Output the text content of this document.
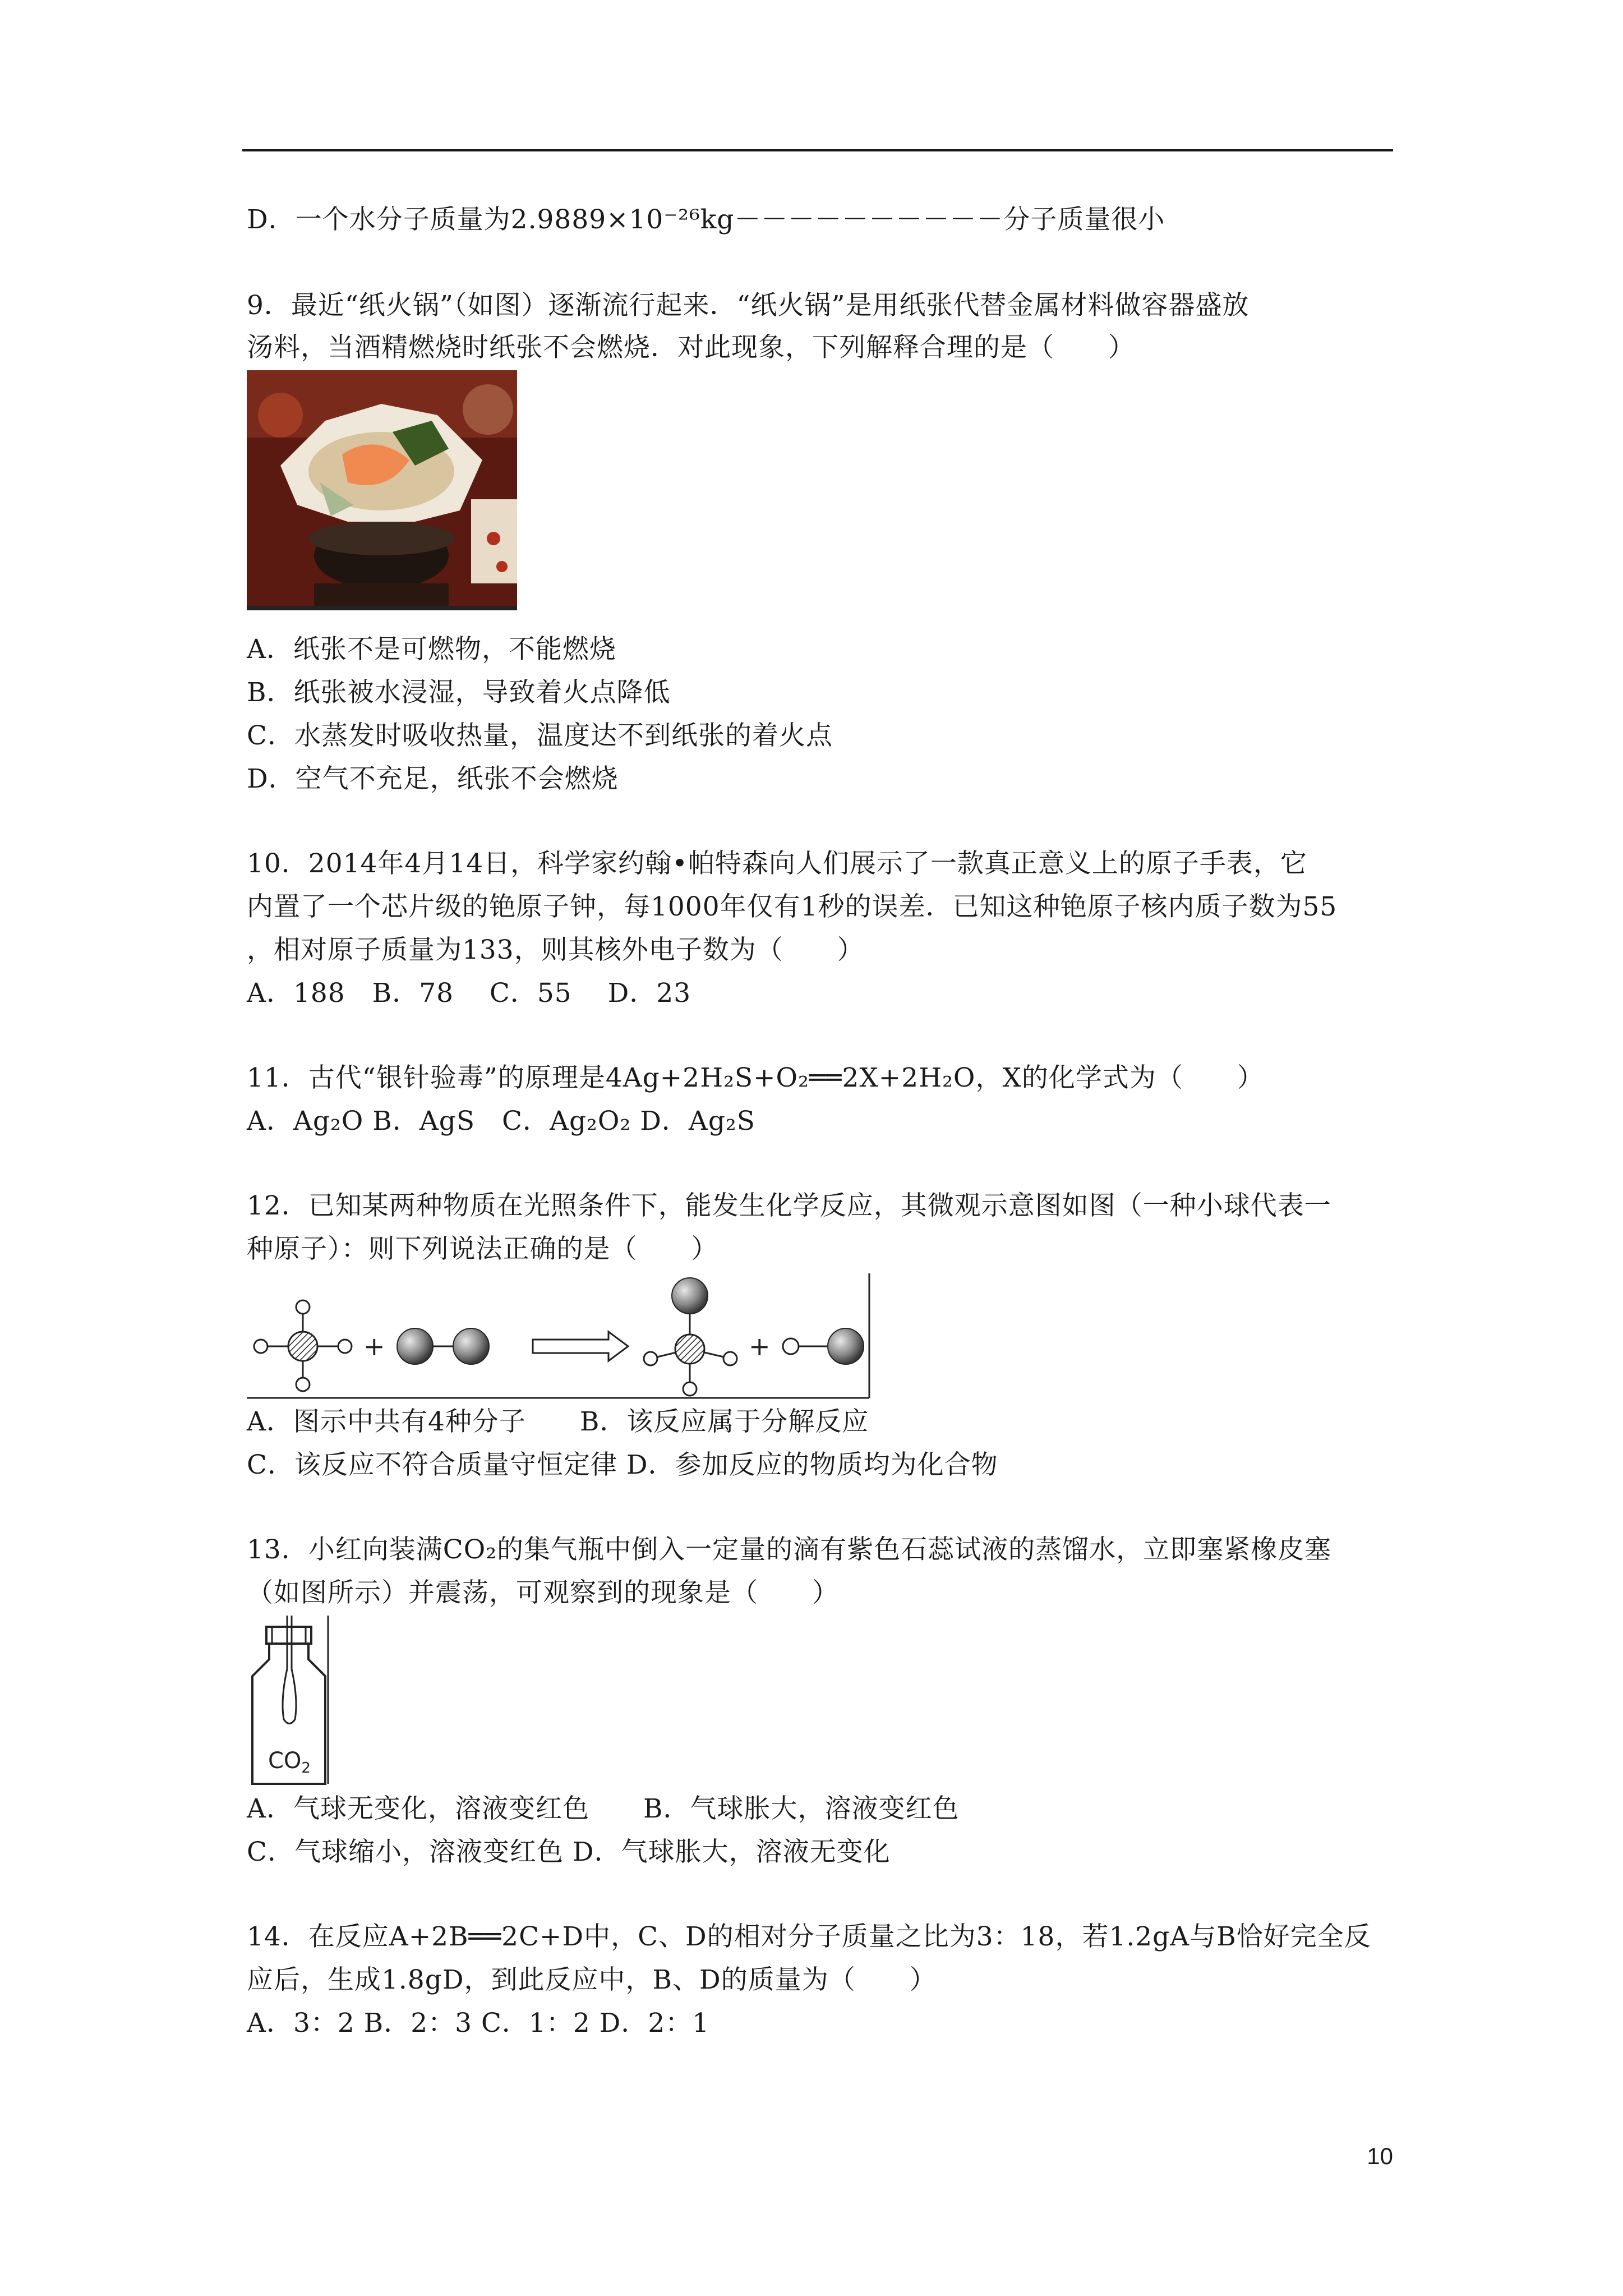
D．一个水分子质量为2.9889×10⁻²⁶kg－－－－－－－－－－分子质量很小
9．最近“纸火锅”（如图）逐渐流行起来．“纸火锅”是用纸张代替金属材料做容器盛放
汤料，当酒精燃烧时纸张不会燃烧．对此现象，下列解释合理的是（　　）
A．纸张不是可燃物，不能燃烧
B．纸张被水浸湿，导致着火点降低
C．水蒸发时吸收热量，温度达不到纸张的着火点
D．空气不充足，纸张不会燃烧
10．2014年4月14日，科学家约翰•帕特森向人们展示了一款真正意义上的原子手表，它
内置了一个芯片级的铯原子钟，每1000年仅有1秒的误差．已知这种铯原子核内质子数为55
，相对原子质量为133，则其核外电子数为（　　）
A．188　B．78　 C．55　 D．23
11．古代“银针验毒”的原理是4Ag+2H₂S+O₂══2X+2H₂O，X的化学式为（　　）
A．Ag₂O B．AgS　C．Ag₂O₂ D．Ag₂S
12．已知某两种物质在光照条件下，能发生化学反应，其微观示意图如图（一种小球代表一
种原子）：则下列说法正确的是（　　）
+	+
A．图示中共有4种分子　　B．该反应属于分解反应
C．该反应不符合质量守恒定律 D．参加反应的物质均为化合物
13．小红向装满CO₂的集气瓶中倒入一定量的滴有紫色石蕊试液的蒸馏水，立即塞紧橡皮塞
（如图所示）并震荡，可观察到的现象是（　　）
$CO_2$
A．气球无变化，溶液变红色　　B．气球胀大，溶液变红色
C．气球缩小，溶液变红色 D．气球胀大，溶液无变化
14．在反应A+2B══2C+D中，C、D的相对分子质量之比为3：18，若1.2gA与B恰好完全反
应后，生成1.8gD，到此反应中，B、D的质量为（　　）
A．3：2 B．2：3 C．1：2 D．2：1
10
